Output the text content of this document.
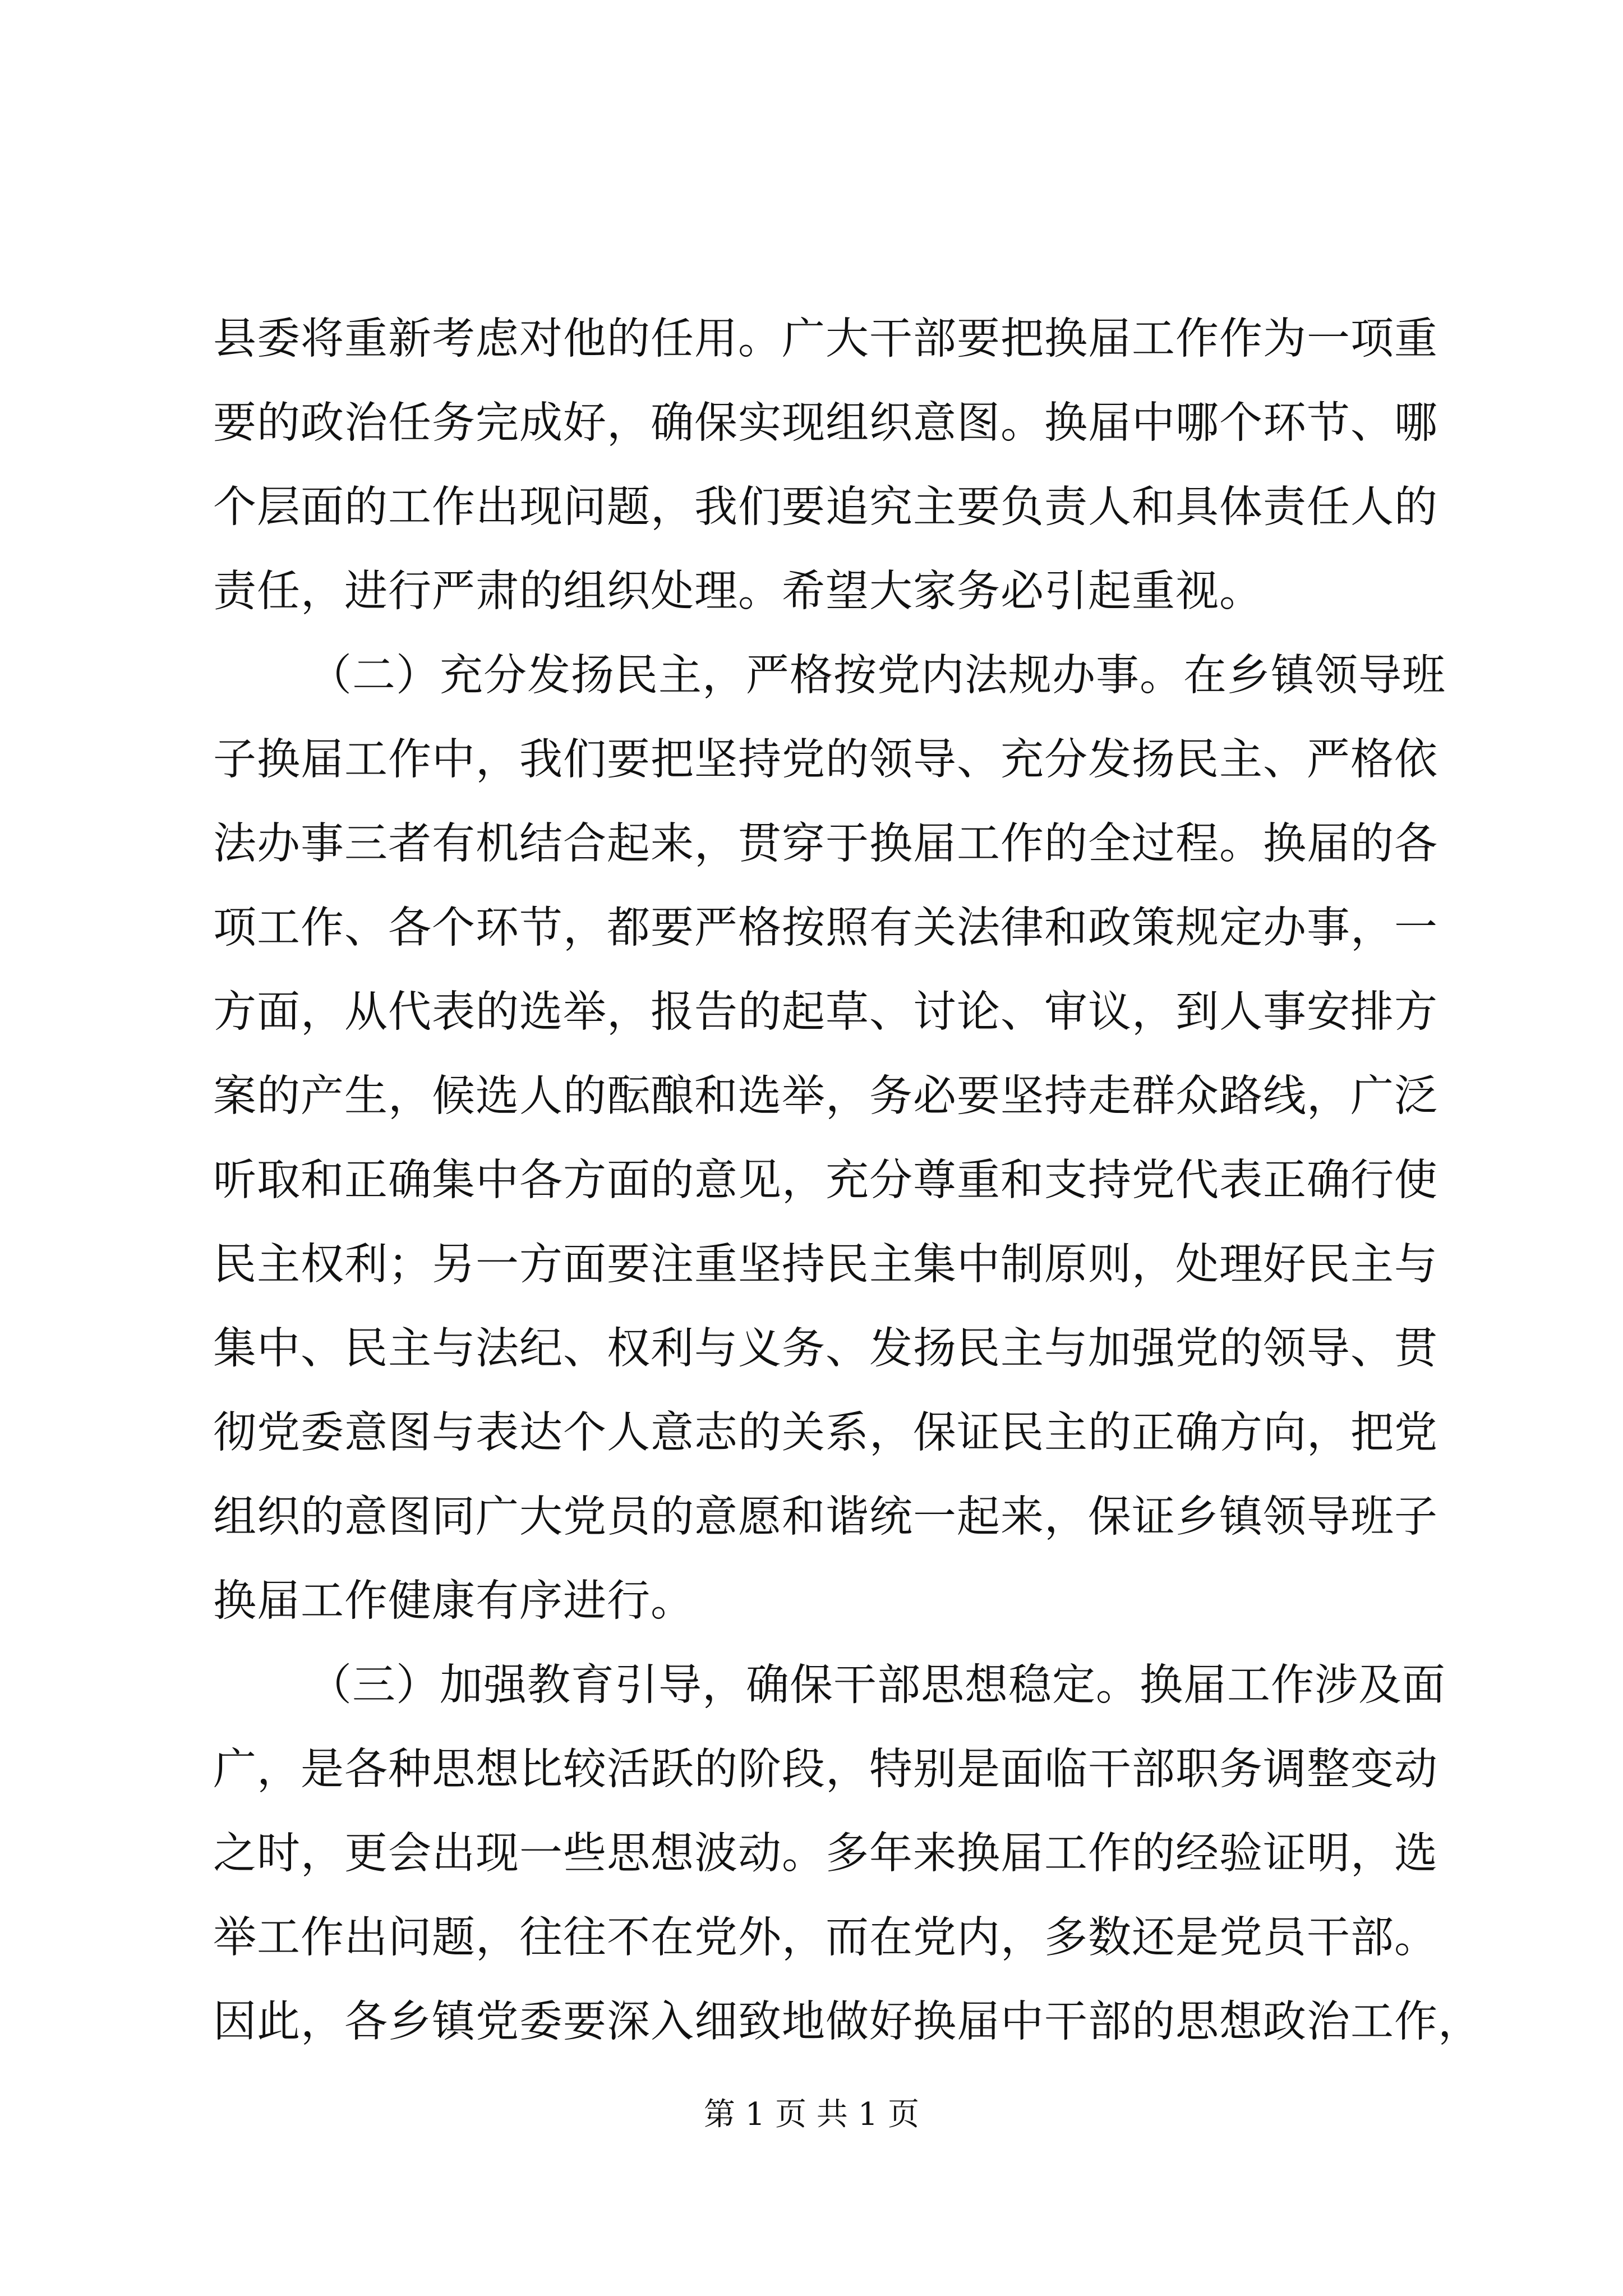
县委将重新考虑对他的任用。广大干部要把换届工作作为一项重
要的政治任务完成好，确保实现组织意图。换届中哪个环节、哪
个层面的工作出现问题，我们要追究主要负责人和具体责任人的
责任，进行严肃的组织处理。希望大家务必引起重视。
（二）充分发扬民主，严格按党内法规办事。在乡镇领导班
子换届工作中，我们要把坚持党的领导、充分发扬民主、严格依
法办事三者有机结合起来，贯穿于换届工作的全过程。换届的各
项工作、各个环节，都要严格按照有关法律和政策规定办事，一
方面，从代表的选举，报告的起草、讨论、审议，到人事安排方
案的产生，候选人的酝酿和选举，务必要坚持走群众路线，广泛
听取和正确集中各方面的意见，充分尊重和支持党代表正确行使
民主权利；另一方面要注重坚持民主集中制原则，处理好民主与
集中、民主与法纪、权利与义务、发扬民主与加强党的领导、贯
彻党委意图与表达个人意志的关系，保证民主的正确方向，把党
组织的意图同广大党员的意愿和谐统一起来，保证乡镇领导班子
换届工作健康有序进行。
（三）加强教育引导，确保干部思想稳定。换届工作涉及面
广，是各种思想比较活跃的阶段，特别是面临干部职务调整变动
之时，更会出现一些思想波动。多年来换届工作的经验证明，选
举工作出问题，往往不在党外，而在党内，多数还是党员干部。
因此，各乡镇党委要深入细致地做好换届中干部的思想政治工作，
第 1 页 共 1 页
